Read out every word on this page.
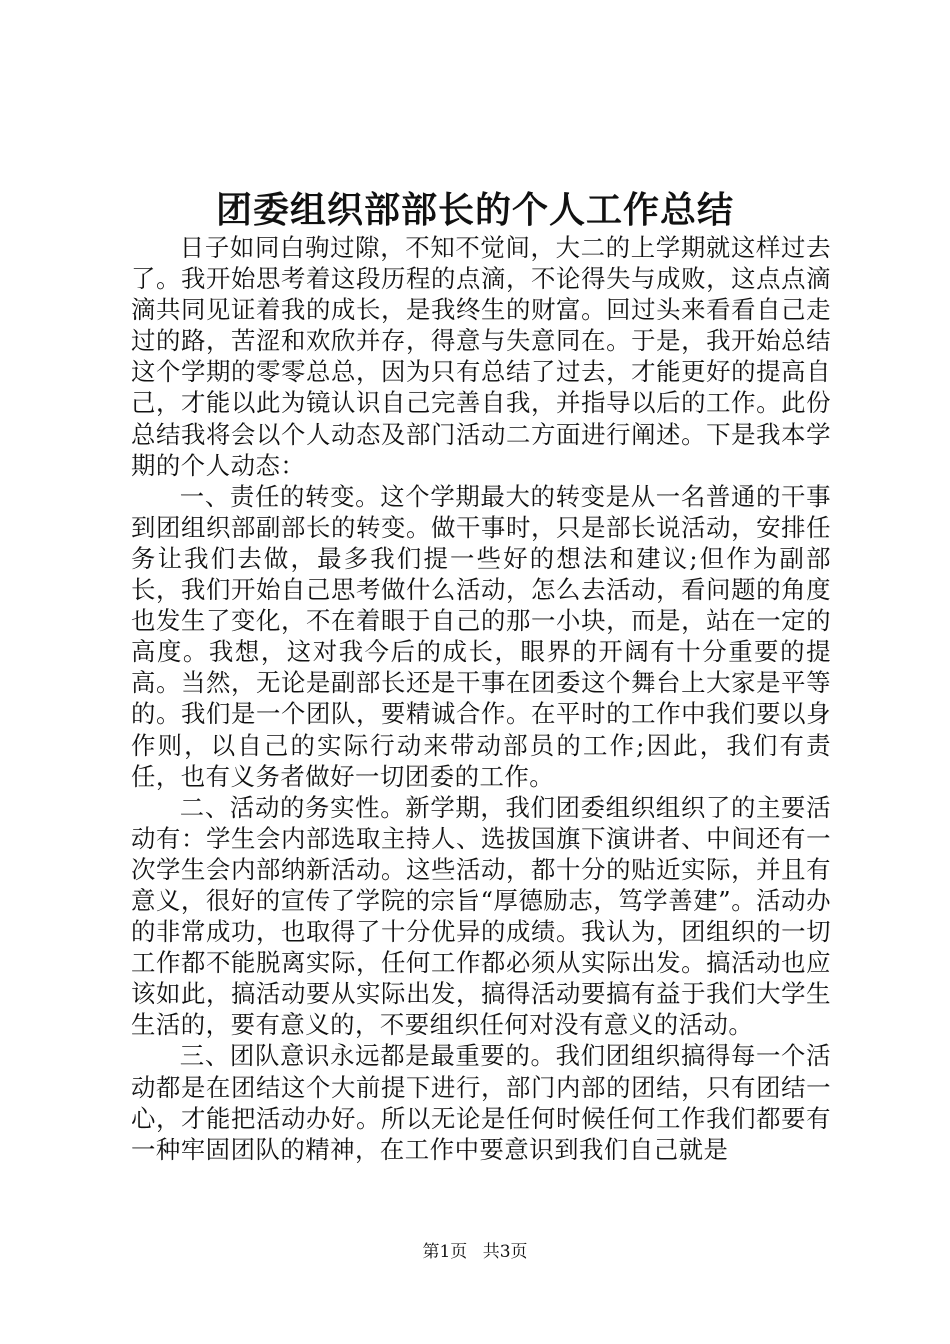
团委组织部部长的个人工作总结

日子如同白驹过隙，不知不觉间，大二的上学期就这样过去了。我开始思考着这段历程的点滴，不论得失与成败，这点点滴滴共同见证着我的成长，是我终生的财富。回过头来看看自己走过的路，苦涩和欢欣并存，得意与失意同在。于是，我开始总结这个学期的零零总总，因为只有总结了过去，才能更好的提高自己，才能以此为镜认识自己完善自我，并指导以后的工作。此份总结我将会以个人动态及部门活动二方面进行阐述。下是我本学期的个人动态：

一、责任的转变。这个学期最大的转变是从一名普通的干事到团组织部副部长的转变。做干事时，只是部长说活动，安排任务让我们去做，最多我们提一些好的想法和建议;但作为副部长，我们开始自己思考做什么活动，怎么去活动，看问题的角度也发生了变化，不在着眼于自己的那一小块，而是，站在一定的高度。我想，这对我今后的成长，眼界的开阔有十分重要的提高。当然，无论是副部长还是干事在团委这个舞台上大家是平等的。我们是一个团队，要精诚合作。在平时的工作中我们要以身作则，以自己的实际行动来带动部员的工作;因此，我们有责任，也有义务者做好一切团委的工作。

二、活动的务实性。新学期，我们团委组织组织了的主要活动有：学生会内部选取主持人、选拔国旗下演讲者、中间还有一次学生会内部纳新活动。这些活动，都十分的贴近实际，并且有意义，很好的宣传了学院的宗旨“厚德励志，笃学善建”。活动办的非常成功，也取得了十分优异的成绩。我认为，团组织的一切工作都不能脱离实际，任何工作都必须从实际出发。搞活动也应该如此，搞活动要从实际出发，搞得活动要搞有益于我们大学生生活的，要有意义的，不要组织任何对没有意义的活动。

三、团队意识永远都是最重要的。我们团组织搞得每一个活动都是在团结这个大前提下进行，部门内部的团结，只有团结一心，才能把活动办好。所以无论是任何时候任何工作我们都要有一种牢固团队的精神，在工作中要意识到我们自己就是

第1页 共3页
